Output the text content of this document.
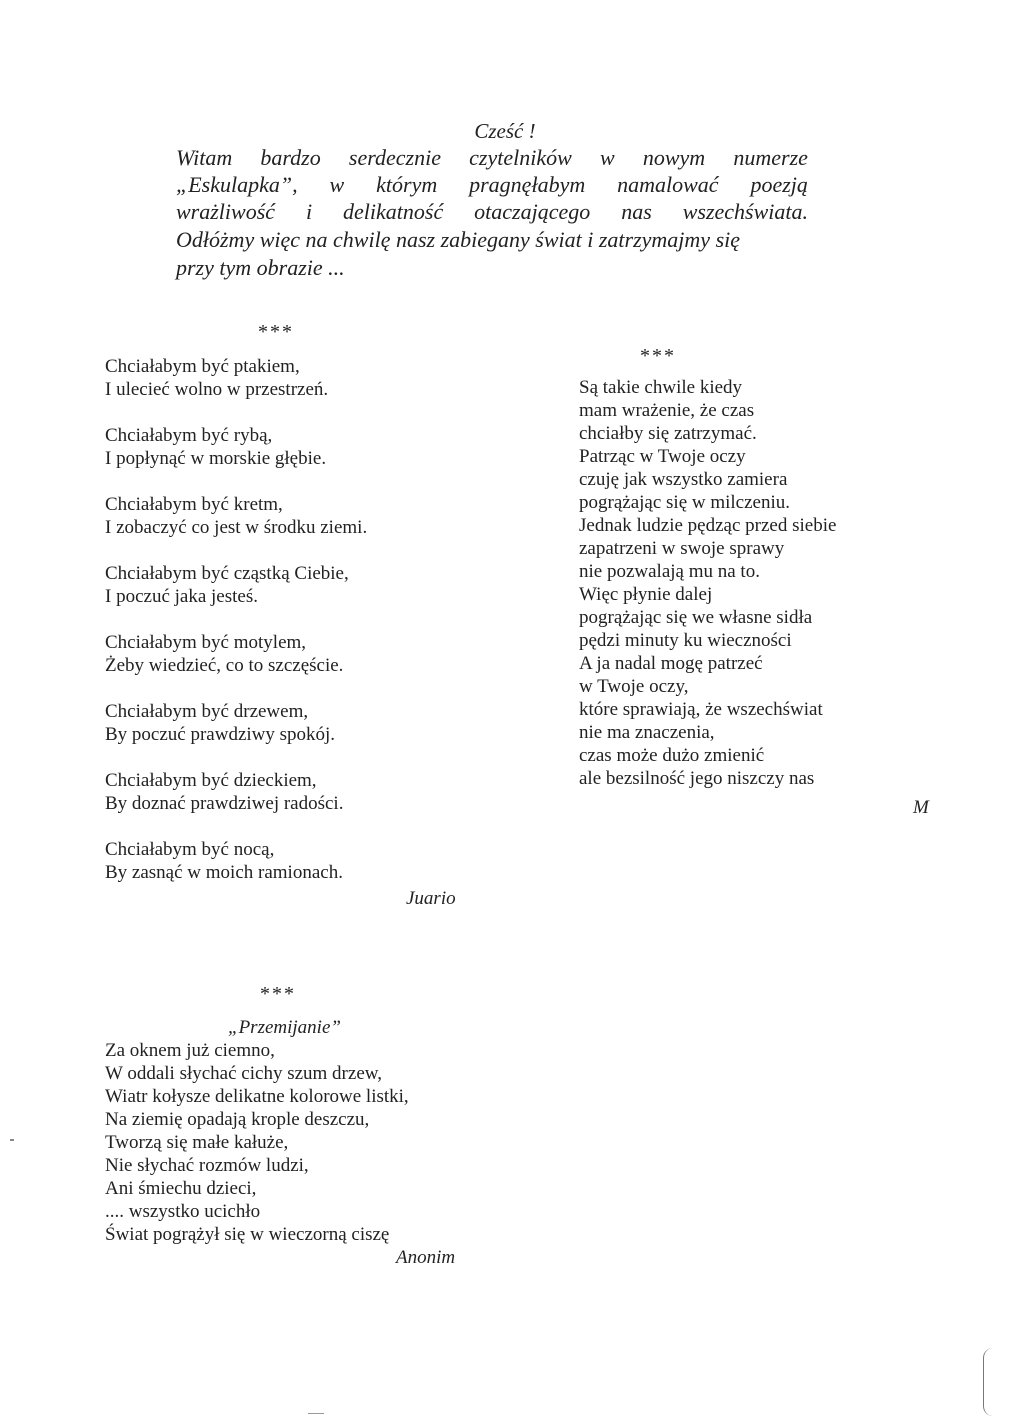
Cześć !
Witam bardzo serdecznie czytelników w nowym numerze
„Eskulapka”, w którym pragnęłabym namalować poezją
wrażliwość i delikatność otaczającego nas wszechświata.
Odłóżmy więc na chwilę nasz zabiegany świat i zatrzymajmy się
przy tym obrazie ...
***
Chciałabym być ptakiem,
I ulecieć wolno w przestrzeń.
Chciałabym być rybą,
I popłynąć w morskie głębie.
Chciałabym być kretm,
I zobaczyć co jest w środku ziemi.
Chciałabym być cząstką Ciebie,
I poczuć jaka jesteś.
Chciałabym być motylem,
Żeby wiedzieć, co to szczęście.
Chciałabym być drzewem,
By poczuć prawdziwy spokój.
Chciałabym być dzieckiem,
By doznać prawdziwej radości.
Chciałabym być nocą,
By zasnąć w moich ramionach.
Juario
***
Są takie chwile kiedy
mam wrażenie, że czas
chciałby się zatrzymać.
Patrząc w Twoje oczy
czuję jak wszystko zamiera
pogrążając się w milczeniu.
Jednak ludzie pędząc przed siebie
zapatrzeni w swoje sprawy
nie pozwalają mu na to.
Więc płynie dalej
pogrążając się we własne sidła
pędzi minuty ku wieczności
A ja nadal mogę patrzeć
w Twoje oczy,
które sprawiają, że wszechświat
nie ma znaczenia,
czas może dużo zmienić
ale bezsilność jego niszczy nas
M
***
„Przemijanie”
Za oknem już ciemno,
W oddali słychać cichy szum drzew,
Wiatr kołysze delikatne kolorowe listki,
Na ziemię opadają krople deszczu,
Tworzą się małe kałuże,
Nie słychać rozmów ludzi,
Ani śmiechu dzieci,
.... wszystko ucichło
Świat pogrążył się w wieczorną ciszę
Anonim
